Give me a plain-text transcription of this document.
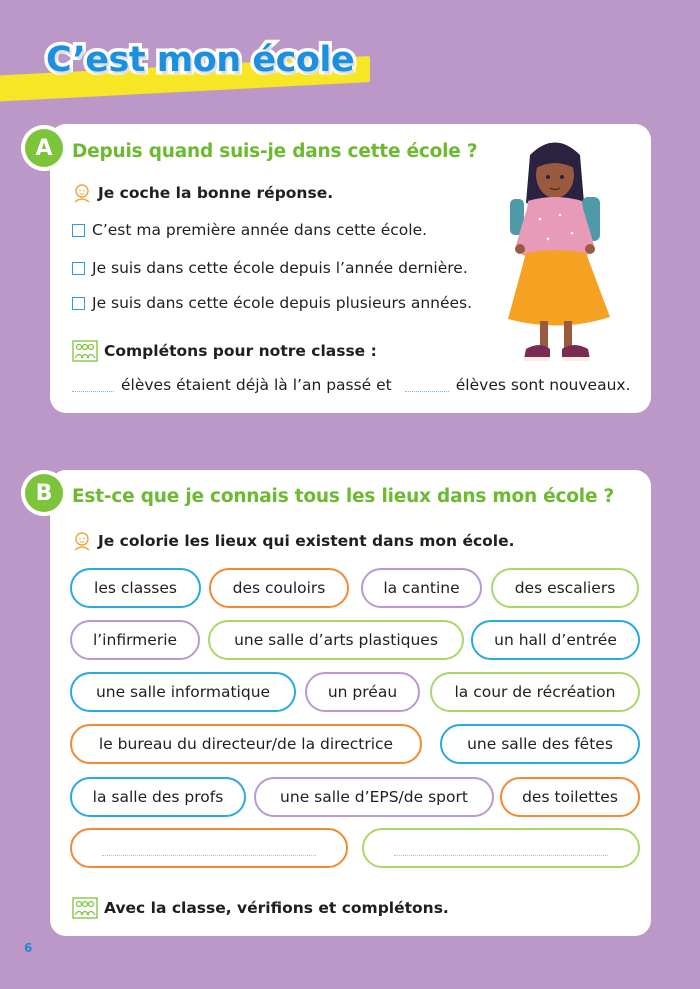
C’est mon école
A	Depuis quand suis-je dans cette école ?
Je coche la bonne réponse.
C’est ma première année dans cette école.
Je suis dans cette école depuis l’année dernière.
Je suis dans cette école depuis plusieurs années.
Complétons pour notre classe :
élèves étaient déjà là l’an passé et	élèves sont nouveaux.
B	Est-ce que je connais tous les lieux dans mon école ?
Je colorie les lieux qui existent dans mon école.
les classes	des couloirs	la cantine	des escaliers
l’infirmerie	une salle d’arts plastiques	un hall d’entrée
une salle informatique	un préau	la cour de récréation
le bureau du directeur/de la directrice	une salle des fêtes
la salle des profs	une salle d’EPS/de sport	des toilettes
Avec la classe, vérifions et complétons.
6
